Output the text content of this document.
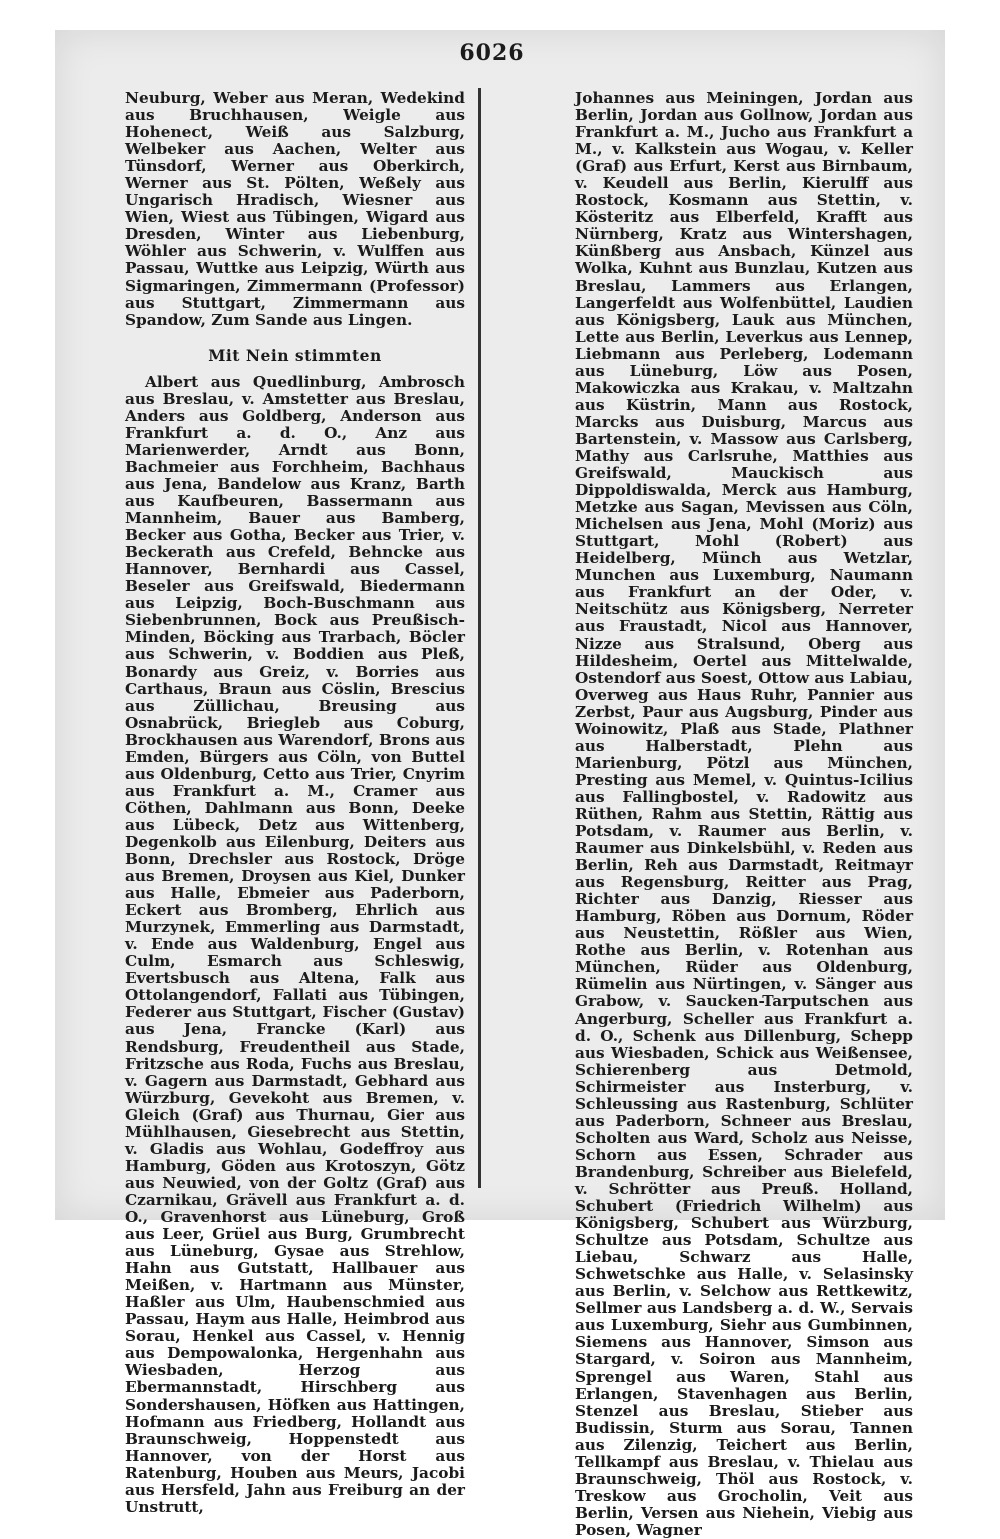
6026

Neuburg, Weber aus Meran, Wedekind aus Bruchhausen, Weigle aus Hohenect, Weiß aus Salzburg, Welbeker aus Aachen, Welter aus Tünsdorf, Werner aus Oberkirch, Werner aus St. Pölten, Weßely aus Ungarisch Hradisch, Wiesner aus Wien, Wiest aus Tübingen, Wigard aus Dresden, Winter aus Liebenburg, Wöhler aus Schwerin, v. Wulffen aus Passau, Wuttke aus Leipzig, Würth aus Sigmaringen, Zimmermann (Professor) aus Stuttgart, Zimmermann aus Spandow, Zum Sande aus Lingen.

Mit Nein stimmten

Albert aus Quedlinburg, Ambrosch aus Breslau, v. Amstetter aus Breslau, Anders aus Goldberg, Anderson aus Frankfurt a. d. O., Anz aus Marienwerder, Arndt aus Bonn, Bachmeier aus Forchheim, Bachhaus aus Jena, Bandelow aus Kranz, Barth aus Kaufbeuren, Bassermann aus Mannheim, Bauer aus Bamberg, Becker aus Gotha, Becker aus Trier, v. Beckerath aus Crefeld, Behncke aus Hannover, Bernhardi aus Cassel, Beseler aus Greifswald, Biedermann aus Leipzig, Boch-Buschmann aus Siebenbrunnen, Bock aus Preußisch-Minden, Böcking aus Trarbach, Böcler aus Schwerin, v. Boddien aus Pleß, Bonardy aus Greiz, v. Borries aus Carthaus, Braun aus Cöslin, Brescius aus Züllichau, Breusing aus Osnabrück, Briegleb aus Coburg, Brockhausen aus Warendorf, Brons aus Emden, Bürgers aus Cöln, von Buttel aus Oldenburg, Cetto aus Trier, Cnyrim aus Frankfurt a. M., Cramer aus Cöthen, Dahlmann aus Bonn, Deeke aus Lübeck, Detz aus Wittenberg, Degenkolb aus Eilenburg, Deiters aus Bonn, Drechsler aus Rostock, Dröge aus Bremen, Droysen aus Kiel, Dunker aus Halle, Ebmeier aus Paderborn, Eckert aus Bromberg, Ehrlich aus Murzynek, Emmerling aus Darmstadt, v. Ende aus Waldenburg, Engel aus Culm, Esmarch aus Schleswig, Evertsbusch aus Altena, Falk aus Ottolangendorf, Fallati aus Tübingen, Federer aus Stuttgart, Fischer (Gustav) aus Jena, Francke (Karl) aus Rendsburg, Freudentheil aus Stade, Fritzsche aus Roda, Fuchs aus Breslau, v. Gagern aus Darmstadt, Gebhard aus Würzburg, Gevekoht aus Bremen, v. Gleich (Graf) aus Thurnau, Gier aus Mühlhausen, Giesebrecht aus Stettin, v. Gladis aus Wohlau, Godeffroy aus Hamburg, Göden aus Krotoszyn, Götz aus Neuwied, von der Goltz (Graf) aus Czarnikau, Grävell aus Frankfurt a. d. O., Gravenhorst aus Lüneburg, Groß aus Leer, Grüel aus Burg, Grumbrecht aus Lüneburg, Gysae aus Strehlow, Hahn aus Gutstatt, Hallbauer aus Meißen, v. Hartmann aus Münster, Haßler aus Ulm, Haubenschmied aus Passau, Haym aus Halle, Heimbrod aus Sorau, Henkel aus Cassel, v. Hennig aus Dempowalonka, Hergenhahn aus Wiesbaden, Herzog aus Ebermannstadt, Hirschberg aus Sondershausen, Höfken aus Hattingen, Hofmann aus Friedberg, Hollandt aus Braunschweig, Hoppenstedt aus Hannover, von der Horst aus Ratenburg, Houben aus Meurs, Jacobi aus Hersfeld, Jahn aus Freiburg an der Unstrutt,

Johannes aus Meiningen, Jordan aus Berlin, Jordan aus Gollnow, Jordan aus Frankfurt a. M., Jucho aus Frankfurt a M., v. Kalkstein aus Wogau, v. Keller (Graf) aus Erfurt, Kerst aus Birnbaum, v. Keudell aus Berlin, Kierulff aus Rostock, Kosmann aus Stettin, v. Kösteritz aus Elberfeld, Krafft aus Nürnberg, Kratz aus Wintershagen, Künßberg aus Ansbach, Künzel aus Wolka, Kuhnt aus Bunzlau, Kutzen aus Breslau, Lammers aus Erlangen, Langerfeldt aus Wolfenbüttel, Laudien aus Königsberg, Lauk aus München, Lette aus Berlin, Leverkus aus Lennep, Liebmann aus Perleberg, Lodemann aus Lüneburg, Löw aus Posen, Makowiczka aus Krakau, v. Maltzahn aus Küstrin, Mann aus Rostock, Marcks aus Duisburg, Marcus aus Bartenstein, v. Massow aus Carlsberg, Mathy aus Carlsruhe, Matthies aus Greifswald, Mauckisch aus Dippoldiswalda, Merck aus Hamburg, Metzke aus Sagan, Mevissen aus Cöln, Michelsen aus Jena, Mohl (Moriz) aus Stuttgart, Mohl (Robert) aus Heidelberg, Münch aus Wetzlar, Munchen aus Luxemburg, Naumann aus Frankfurt an der Oder, v. Neitschütz aus Königsberg, Nerreter aus Fraustadt, Nicol aus Hannover, Nizze aus Stralsund, Oberg aus Hildesheim, Oertel aus Mittelwalde, Ostendorf aus Soest, Ottow aus Labiau, Overweg aus Haus Ruhr, Pannier aus Zerbst, Paur aus Augsburg, Pinder aus Woinowitz, Plaß aus Stade, Plathner aus Halberstadt, Plehn aus Marienburg, Pötzl aus München, Presting aus Memel, v. Quintus-Icilius aus Fallingbostel, v. Radowitz aus Rüthen, Rahm aus Stettin, Rättig aus Potsdam, v. Raumer aus Berlin, v. Raumer aus Dinkelsbühl, v. Reden aus Berlin, Reh aus Darmstadt, Reitmayr aus Regensburg, Reitter aus Prag, Richter aus Danzig, Riesser aus Hamburg, Röben aus Dornum, Röder aus Neustettin, Rößler aus Wien, Rothe aus Berlin, v. Rotenhan aus München, Rüder aus Oldenburg, Rümelin aus Nürtingen, v. Sänger aus Grabow, v. Saucken-Tarputschen aus Angerburg, Scheller aus Frankfurt a. d. O., Schenk aus Dillenburg, Schepp aus Wiesbaden, Schick aus Weißensee, Schierenberg aus Detmold, Schirmeister aus Insterburg, v. Schleussing aus Rastenburg, Schlüter aus Paderborn, Schneer aus Breslau, Scholten aus Ward, Scholz aus Neisse, Schorn aus Essen, Schrader aus Brandenburg, Schreiber aus Bielefeld, v. Schrötter aus Preuß. Holland, Schubert (Friedrich Wilhelm) aus Königsberg, Schubert aus Würzburg, Schultze aus Potsdam, Schultze aus Liebau, Schwarz aus Halle, Schwetschke aus Halle, v. Selasinsky aus Berlin, v. Selchow aus Rettkewitz, Sellmer aus Landsberg a. d. W., Servais aus Luxemburg, Siehr aus Gumbinnen, Siemens aus Hannover, Simson aus Stargard, v. Soiron aus Mannheim, Sprengel aus Waren, Stahl aus Erlangen, Stavenhagen aus Berlin, Stenzel aus Breslau, Stieber aus Budissin, Sturm aus Sorau, Tannen aus Zilenzig, Teichert aus Berlin, Tellkampf aus Breslau, v. Thielau aus Braunschweig, Thöl aus Rostock, v. Treskow aus Grocholin, Veit aus Berlin, Versen aus Niehein, Viebig aus Posen, Wagner
